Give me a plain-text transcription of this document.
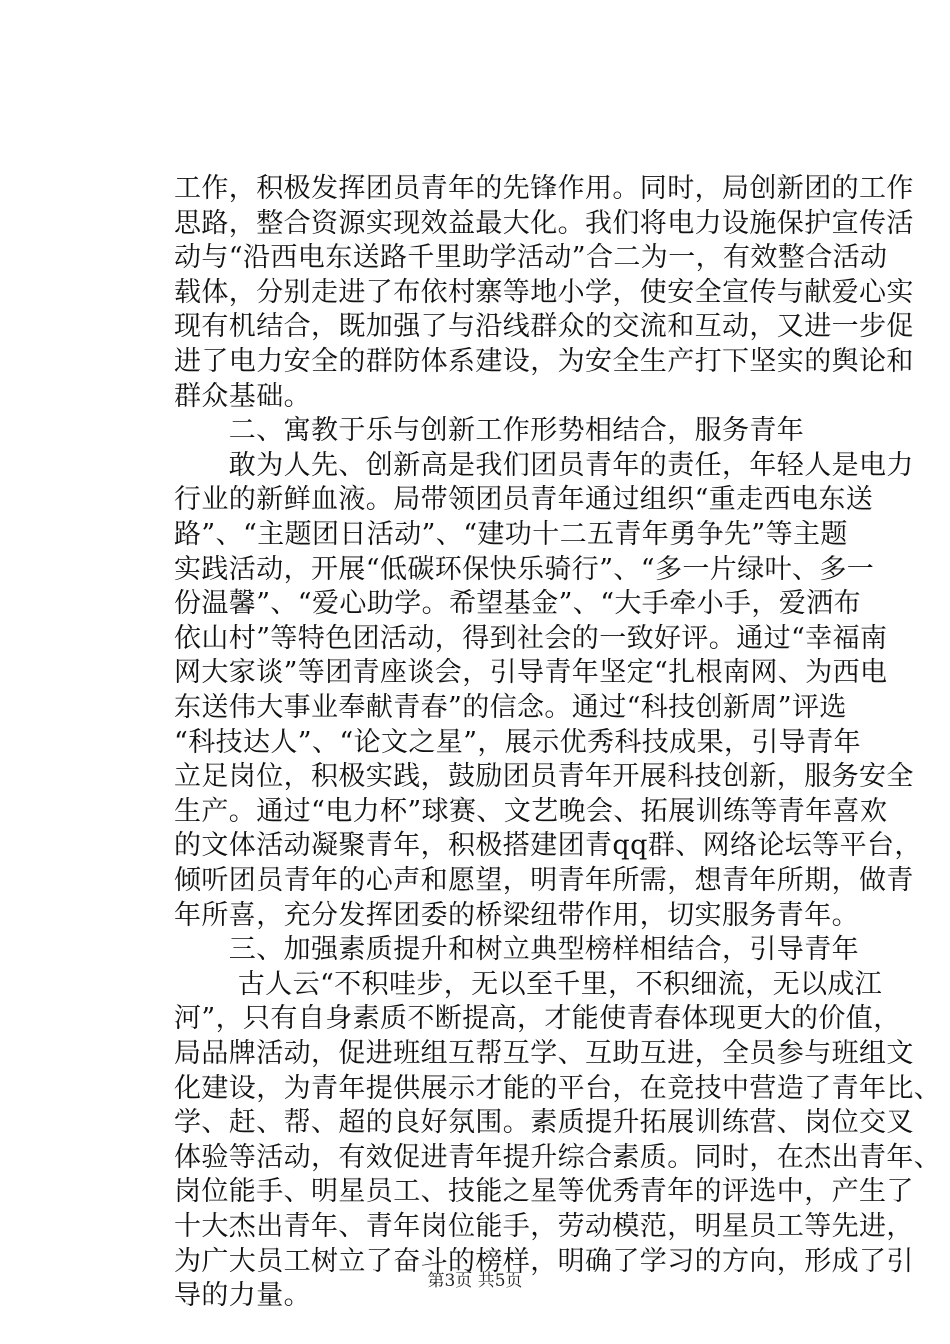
工作，积极发挥团员青年的先锋作用。同时，局创新团的工作
思路，整合资源实现效益最大化。我们将电力设施保护宣传活
动与“沿西电东送路千里助学活动”合二为一，有效整合活动
载体，分别走进了布依村寨等地小学，使安全宣传与献爱心实
现有机结合，既加强了与沿线群众的交流和互动，又进一步促
进了电力安全的群防体系建设，为安全生产打下坚实的舆论和
群众基础。
　　二、寓教于乐与创新工作形势相结合，服务青年
　　敢为人先、创新高是我们团员青年的责任，年轻人是电力
行业的新鲜血液。局带领团员青年通过组织“重走西电东送
路”、“主题团日活动”、“建功十二五青年勇争先”等主题
实践活动，开展“低碳环保快乐骑行”、“多一片绿叶、多一
份温馨”、“爱心助学。希望基金”、“大手牵小手，爱洒布
依山村”等特色团活动，得到社会的一致好评。通过“幸福南
网大家谈”等团青座谈会，引导青年坚定“扎根南网、为西电
东送伟大事业奉献青春”的信念。通过“科技创新周”评选
“科技达人”、“论文之星”，展示优秀科技成果，引导青年
立足岗位，积极实践，鼓励团员青年开展科技创新，服务安全
生产。通过“电力杯”球赛、文艺晚会、拓展训练等青年喜欢
的文体活动凝聚青年，积极搭建团青qq群、网络论坛等平台，
倾听团员青年的心声和愿望，明青年所需，想青年所期，做青
年所喜，充分发挥团委的桥梁纽带作用，切实服务青年。
　　三、加强素质提升和树立典型榜样相结合，引导青年
　　 古人云“不积哇步，无以至千里，不积细流，无以成江
河”，只有自身素质不断提高，才能使青春体现更大的价值，
局品牌活动，促进班组互帮互学、互助互进，全员参与班组文
化建设，为青年提供展示才能的平台，在竞技中营造了青年比、
学、赶、帮、超的良好氛围。素质提升拓展训练营、岗位交叉
体验等活动，有效促进青年提升综合素质。同时，在杰出青年、
岗位能手、明星员工、技能之星等优秀青年的评选中，产生了
十大杰出青年、青年岗位能手，劳动模范，明星员工等先进，
为广大员工树立了奋斗的榜样，明确了学习的方向，形成了引
导的力量。	第3页 共5页
